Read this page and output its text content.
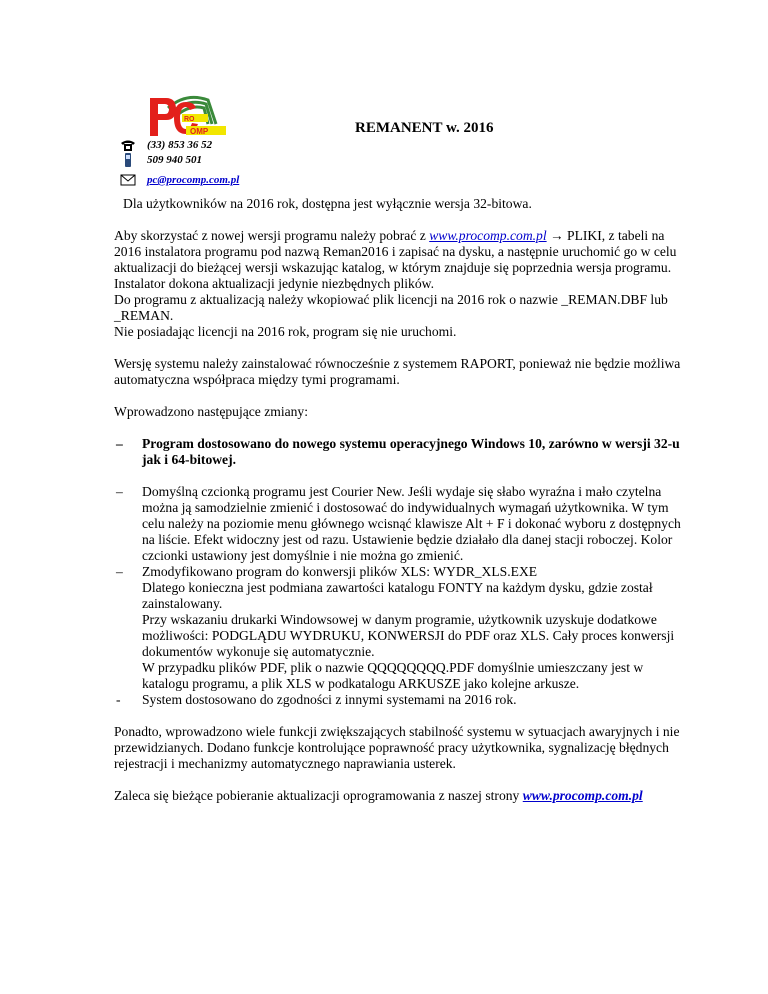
RO
OMP	REMANENT w. 2016
(33) 853 36 52
509 940 501
pc@procomp.com.pl

Dla użytkowników na 2016 rok, dostępna jest wyłącznie wersja 32-bitowa.

Aby skorzystać z nowej wersji programu należy pobrać z www.procomp.com.pl → PLIKI, z tabeli na 2016 instalatora programu pod nazwą Reman2016 i zapisać na dysku, a następnie uruchomić go w celu aktualizacji do bieżącej wersji wskazując katalog, w którym znajduje się poprzednia wersja programu.

Instalator dokona aktualizacji jedynie niezbędnych plików.

Do programu z aktualizacją należy wkopiować plik licencji na 2016 rok o nazwie _REMAN.DBF lub _REMAN.

Nie posiadając licencji na 2016 rok, program się nie uruchomi.

Wersję systemu należy zainstalować równocześnie z systemem RAPORT, ponieważ nie będzie możliwa automatyczna współpraca między tymi programami.

Wprowadzono następujące zmiany:

– Program dostosowano do nowego systemu operacyjnego Windows 10, zarówno w wersji 32-u jak i 64-bitowej.
– Domyślną czcionką programu jest Courier New. Jeśli wydaje się słabo wyraźna i mało czytelna można ją samodzielnie zmienić i dostosować do indywidualnych wymagań użytkownika. W tym celu należy na poziomie menu głównego wcisnąć klawisze Alt + F i dokonać wyboru z dostępnych na liście. Efekt widoczny jest od razu. Ustawienie będzie działało dla danej stacji roboczej. Kolor czcionki ustawiony jest domyślnie i nie można go zmienić.
– Zmodyfikowano program do konwersji plików XLS: WYDR_XLS.EXE
Dlatego konieczna jest podmiana zawartości katalogu FONTY na każdym dysku, gdzie został zainstalowany.
Przy wskazaniu drukarki Windowsowej w danym programie, użytkownik uzyskuje dodatkowe możliwości: PODGLĄDU WYDRUKU, KONWERSJI do PDF oraz XLS. Cały proces konwersji dokumentów wykonuje się automatycznie.
W przypadku plików PDF, plik o nazwie QQQQQQQQ.PDF domyślnie umieszczany jest w katalogu programu, a plik XLS w podkatalogu ARKUSZE jako kolejne arkusze.
- System dostosowano do zgodności z innymi systemami na 2016 rok.

Ponadto, wprowadzono wiele funkcji zwiększających stabilność systemu w sytuacjach awaryjnych i nie przewidzianych. Dodano funkcje kontrolujące poprawność pracy użytkownika, sygnalizację błędnych rejestracji i mechanizmy automatycznego naprawiania usterek.

Zaleca się bieżące pobieranie aktualizacji oprogramowania z naszej strony www.procomp.com.pl
